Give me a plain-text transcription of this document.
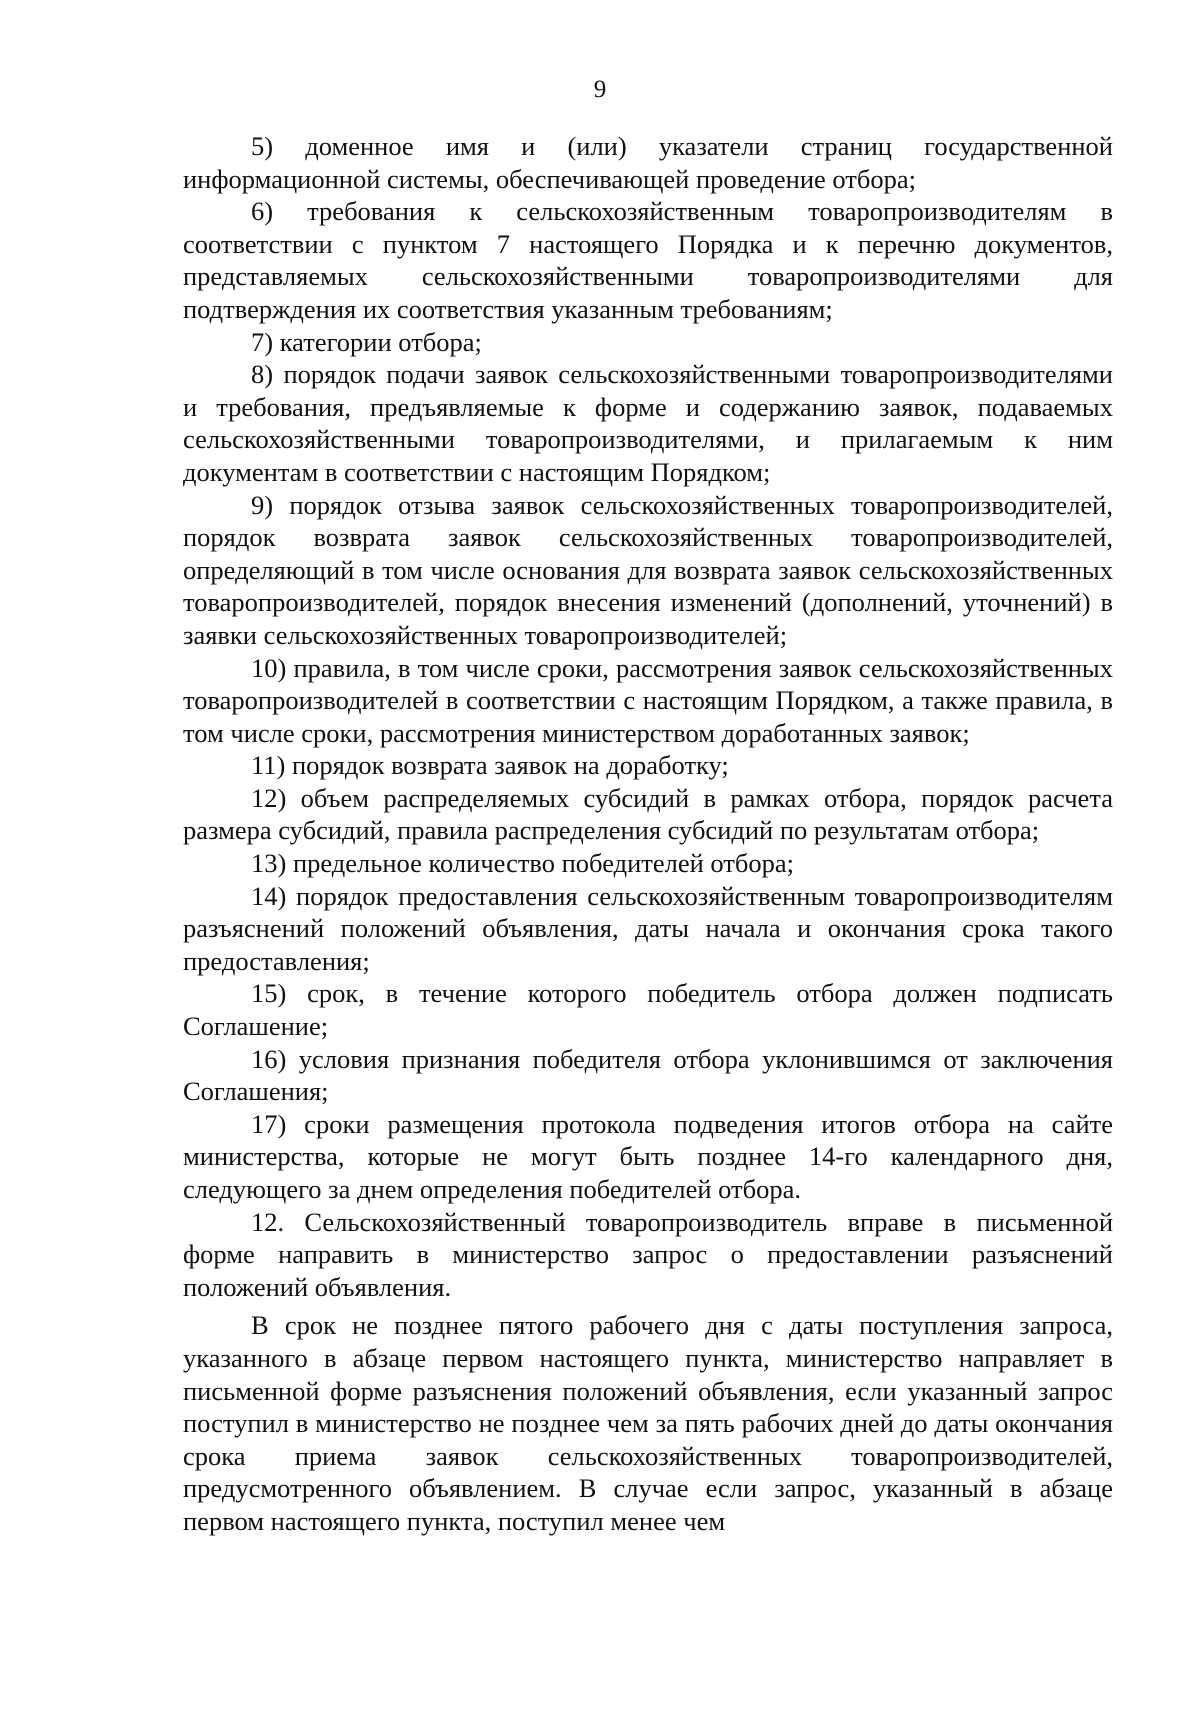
9

5) доменное имя и (или) указатели страниц государственной информационной системы, обеспечивающей проведение отбора;

6) требования к сельскохозяйственным товаропроизводителям в соответствии с пунктом 7 настоящего Порядка и к перечню документов, представляемых сельскохозяйственными товаропроизводителями для подтверждения их соответствия указанным требованиям;

7) категории отбора;

8) порядок подачи заявок сельскохозяйственными товаропроизводителями и требования, предъявляемые к форме и содержанию заявок, подаваемых сельскохозяйственными товаропроизводителями, и прилагаемым к ним документам в соответствии с настоящим Порядком;

9) порядок отзыва заявок сельскохозяйственных товаропроизводителей, порядок возврата заявок сельскохозяйственных товаропроизводителей, определяющий в том числе основания для возврата заявок сельскохозяйственных товаропроизводителей, порядок внесения изменений (дополнений, уточнений) в заявки сельскохозяйственных товаропроизводителей;

10) правила, в том числе сроки, рассмотрения заявок сельскохозяйственных товаропроизводителей в соответствии с настоящим Порядком, а также правила, в том числе сроки, рассмотрения министерством доработанных заявок;

11) порядок возврата заявок на доработку;

12) объем распределяемых субсидий в рамках отбора, порядок расчета размера субсидий, правила распределения субсидий по результатам отбора;

13) предельное количество победителей отбора;

14) порядок предоставления сельскохозяйственным товаропроизводителям разъяснений положений объявления, даты начала и окончания срока такого предоставления;

15) срок, в течение которого победитель отбора должен подписать Соглашение;

16) условия признания победителя отбора уклонившимся от заключения Соглашения;

17) сроки размещения протокола подведения итогов отбора на сайте министерства, которые не могут быть позднее 14-го календарного дня, следующего за днем определения победителей отбора.

12. Сельскохозяйственный товаропроизводитель вправе в письменной форме направить в министерство запрос о предоставлении разъяснений положений объявления.

В срок не позднее пятого рабочего дня с даты поступления запроса, указанного в абзаце первом настоящего пункта, министерство направляет в письменной форме разъяснения положений объявления, если указанный запрос поступил в министерство не позднее чем за пять рабочих дней до даты окончания срока приема заявок сельскохозяйственных товаропроизводителей, предусмотренного объявлением. В случае если запрос, указанный в абзаце первом настоящего пункта, поступил менее чем
